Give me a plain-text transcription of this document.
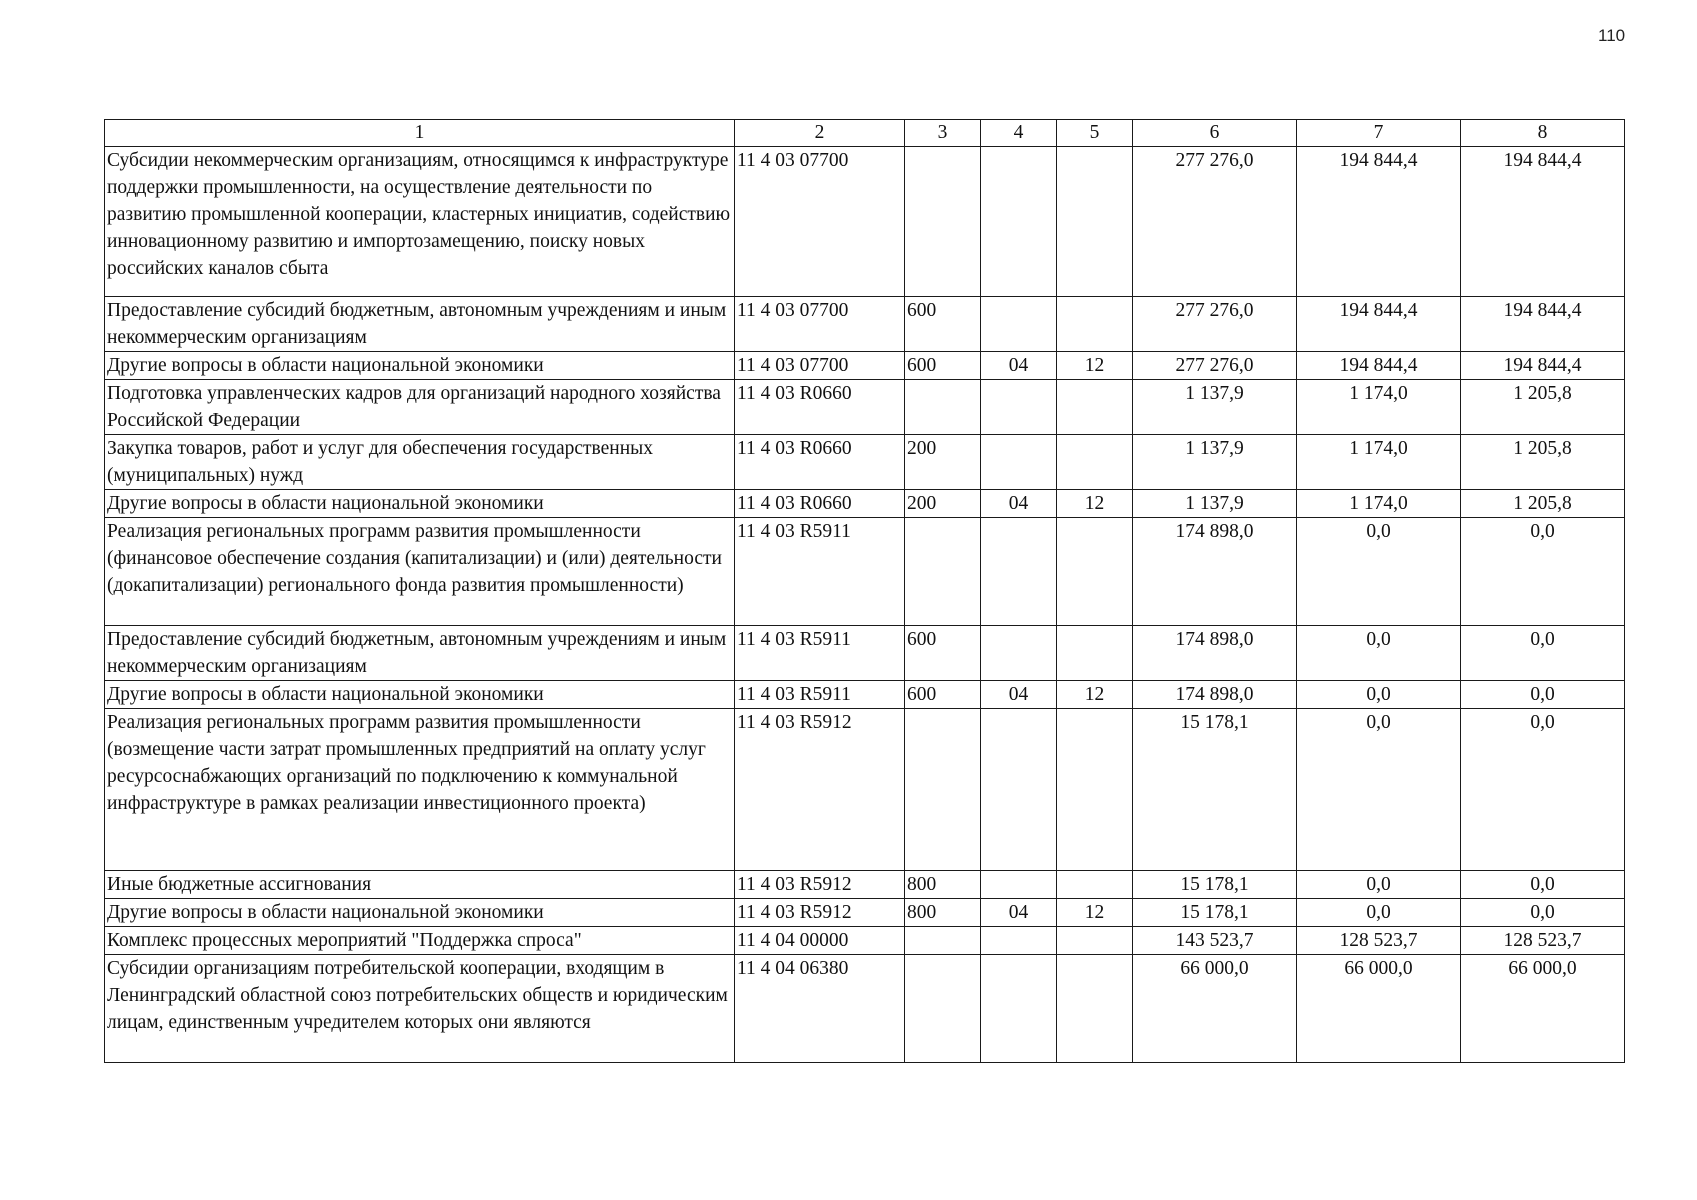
110
1	2	3	4	5	6	7	8
Субсидии некоммерческим организациям, относящимся к инфраструктуре поддержки промышленности, на осуществление деятельности по развитию промышленной кооперации, кластерных инициатив, содействию инновационному развитию и импортозамещению, поиску новых российских каналов сбыта	11 4 03 07700				277 276,0	194 844,4	194 844,4
Предоставление субсидий бюджетным, автономным учреждениям и иным некоммерческим организациям	11 4 03 07700	600			277 276,0	194 844,4	194 844,4
Другие вопросы в области национальной экономики	11 4 03 07700	600	04	12	277 276,0	194 844,4	194 844,4
Подготовка управленческих кадров для организаций народного хозяйства Российской Федерации	11 4 03 R0660				1 137,9	1 174,0	1 205,8
Закупка товаров, работ и услуг для обеспечения государственных (муниципальных) нужд	11 4 03 R0660	200			1 137,9	1 174,0	1 205,8
Другие вопросы в области национальной экономики	11 4 03 R0660	200	04	12	1 137,9	1 174,0	1 205,8
Реализация региональных программ развития промышленности (финансовое обеспечение создания (капитализации) и (или) деятельности (докапитализации) регионального фонда развития промышленности)	11 4 03 R5911				174 898,0	0,0	0,0
Предоставление субсидий бюджетным, автономным учреждениям и иным некоммерческим организациям	11 4 03 R5911	600			174 898,0	0,0	0,0
Другие вопросы в области национальной экономики	11 4 03 R5911	600	04	12	174 898,0	0,0	0,0
Реализация региональных программ развития промышленности (возмещение части затрат промышленных предприятий на оплату услуг ресурсоснабжающих организаций по подключению к коммунальной инфраструктуре в рамках реализации инвестиционного проекта)	11 4 03 R5912				15 178,1	0,0	0,0
Иные бюджетные ассигнования	11 4 03 R5912	800			15 178,1	0,0	0,0
Другие вопросы в области национальной экономики	11 4 03 R5912	800	04	12	15 178,1	0,0	0,0
Комплекс процессных мероприятий "Поддержка спроса"	11 4 04 00000				143 523,7	128 523,7	128 523,7
Субсидии организациям потребительской кооперации, входящим в Ленинградский областной союз потребительских обществ и юридическим лицам, единственным учредителем которых они являются	11 4 04 06380				66 000,0	66 000,0	66 000,0
